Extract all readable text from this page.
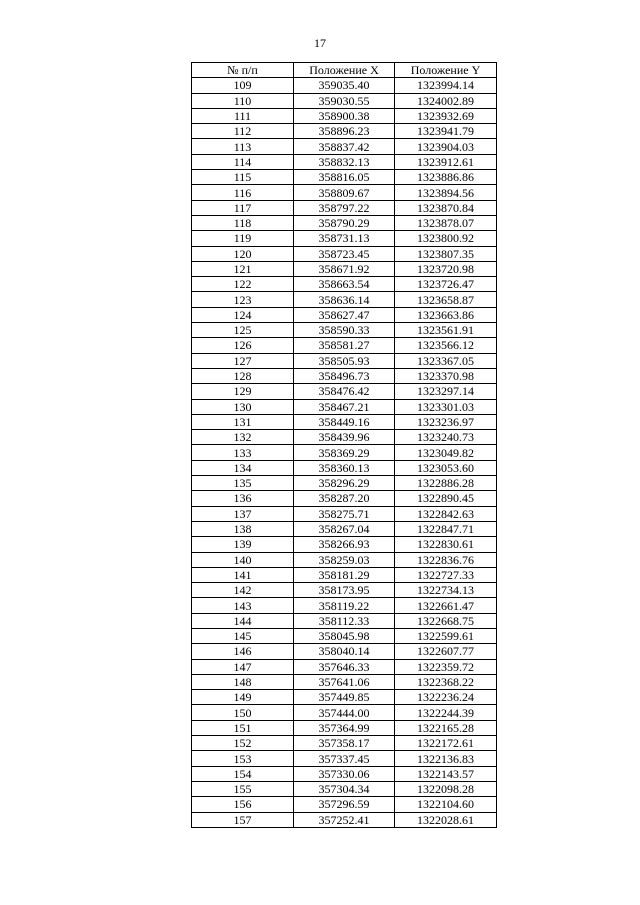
17
№ п/п	Положение X	Положение Y
109	359035.40	1323994.14
110	359030.55	1324002.89
111	358900.38	1323932.69
112	358896.23	1323941.79
113	358837.42	1323904.03
114	358832.13	1323912.61
115	358816.05	1323886.86
116	358809.67	1323894.56
117	358797.22	1323870.84
118	358790.29	1323878.07
119	358731.13	1323800.92
120	358723.45	1323807.35
121	358671.92	1323720.98
122	358663.54	1323726.47
123	358636.14	1323658.87
124	358627.47	1323663.86
125	358590.33	1323561.91
126	358581.27	1323566.12
127	358505.93	1323367.05
128	358496.73	1323370.98
129	358476.42	1323297.14
130	358467.21	1323301.03
131	358449.16	1323236.97
132	358439.96	1323240.73
133	358369.29	1323049.82
134	358360.13	1323053.60
135	358296.29	1322886.28
136	358287.20	1322890.45
137	358275.71	1322842.63
138	358267.04	1322847.71
139	358266.93	1322830.61
140	358259.03	1322836.76
141	358181.29	1322727.33
142	358173.95	1322734.13
143	358119.22	1322661.47
144	358112.33	1322668.75
145	358045.98	1322599.61
146	358040.14	1322607.77
147	357646.33	1322359.72
148	357641.06	1322368.22
149	357449.85	1322236.24
150	357444.00	1322244.39
151	357364.99	1322165.28
152	357358.17	1322172.61
153	357337.45	1322136.83
154	357330.06	1322143.57
155	357304.34	1322098.28
156	357296.59	1322104.60
157	357252.41	1322028.61
